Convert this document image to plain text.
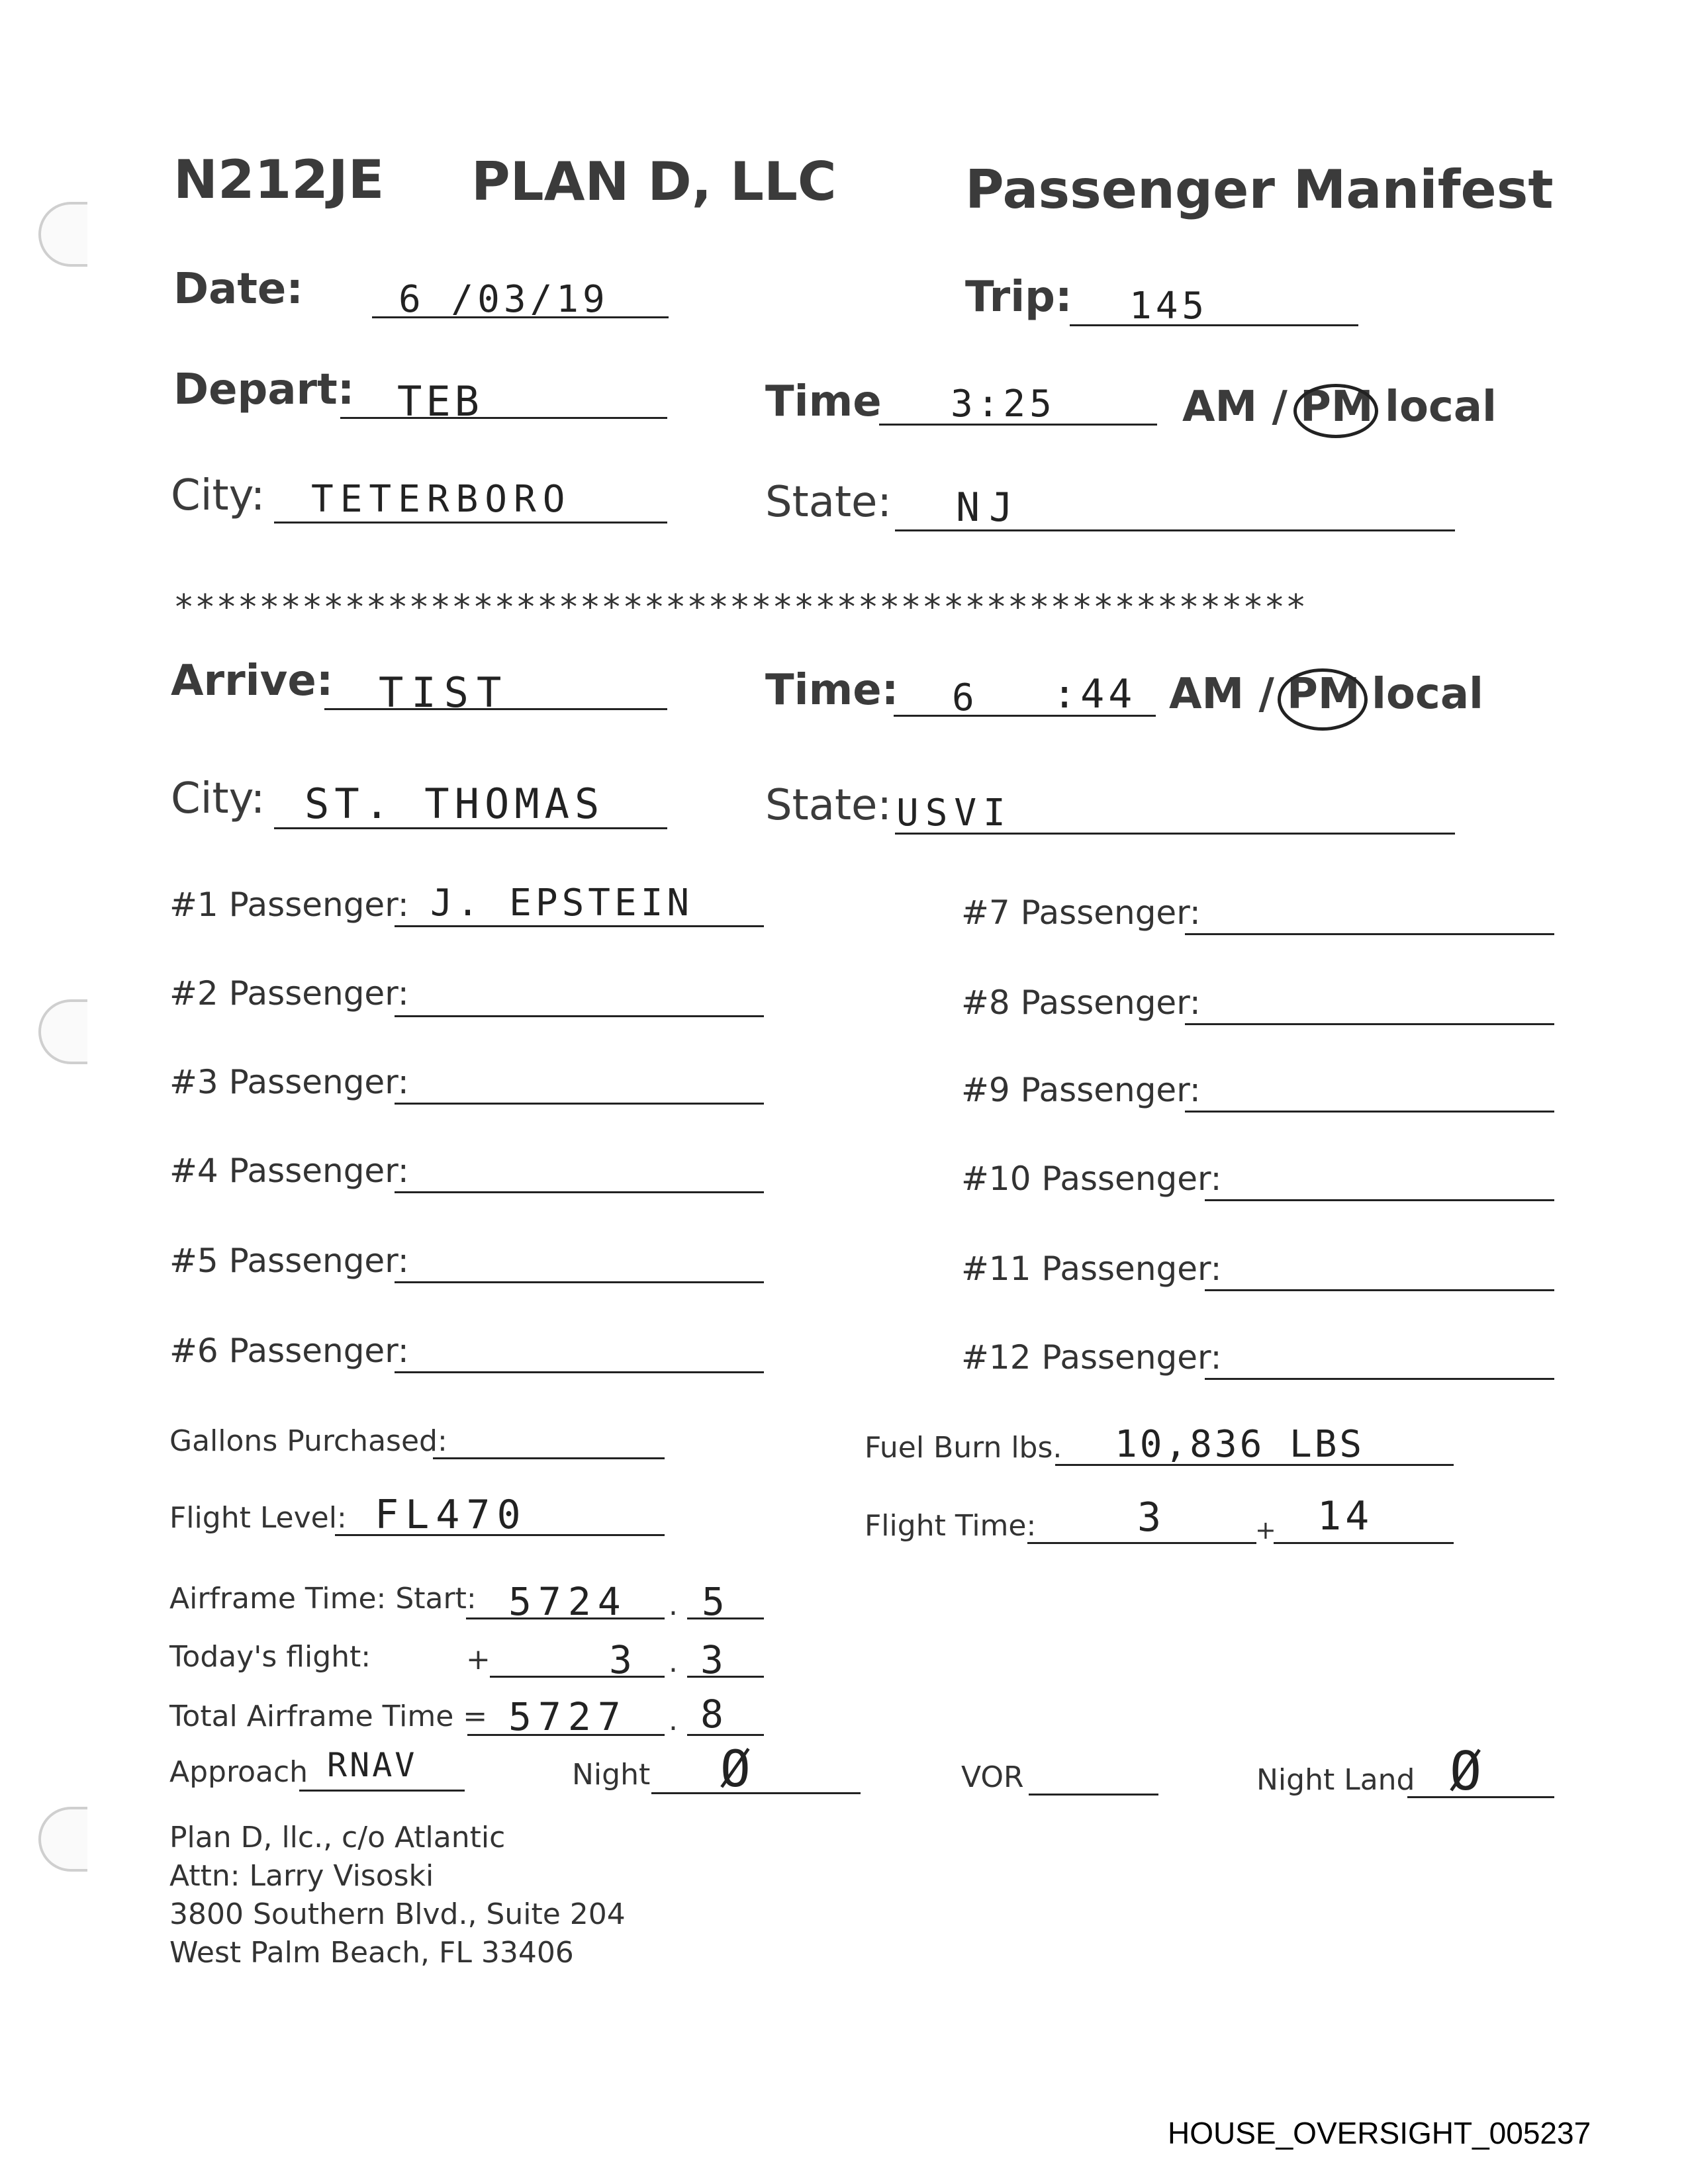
N212JE PLAN D, LLC Passenger Manifest
Date:	6 /03/19	Trip: 145
Depart: TEB	Time 3:25	AM / PM local
City: TETERBORO	State: NJ
*****************************************************
Arrive: TIST	Time: 6 :44 AM / PM local
City: ST. THOMAS	State: USVI
#1 Passenger: J. EPSTEIN
#2 Passenger:
#3 Passenger:
#4 Passenger:
#5 Passenger:
#6 Passenger:
#7 Passenger:
#8 Passenger:
#9 Passenger:
#10 Passenger:
#11 Passenger:
#12 Passenger:
Gallons Purchased:	Fuel Burn lbs. 10,836 LBS
Flight Level: FL470	Flight Time:	3	+ 14
Airframe Time: Start: 5724 . 5
Today's flight:	+	3 . 3
Total Airframe Time = 5727 . 8
Approach RNAV	Night Ø	VOR	Night Land Ø
Plan D, llc., c/o Atlantic
Attn: Larry Visoski
3800 Southern Blvd., Suite 204
West Palm Beach, FL 33406
HOUSE_OVERSIGHT_005237
